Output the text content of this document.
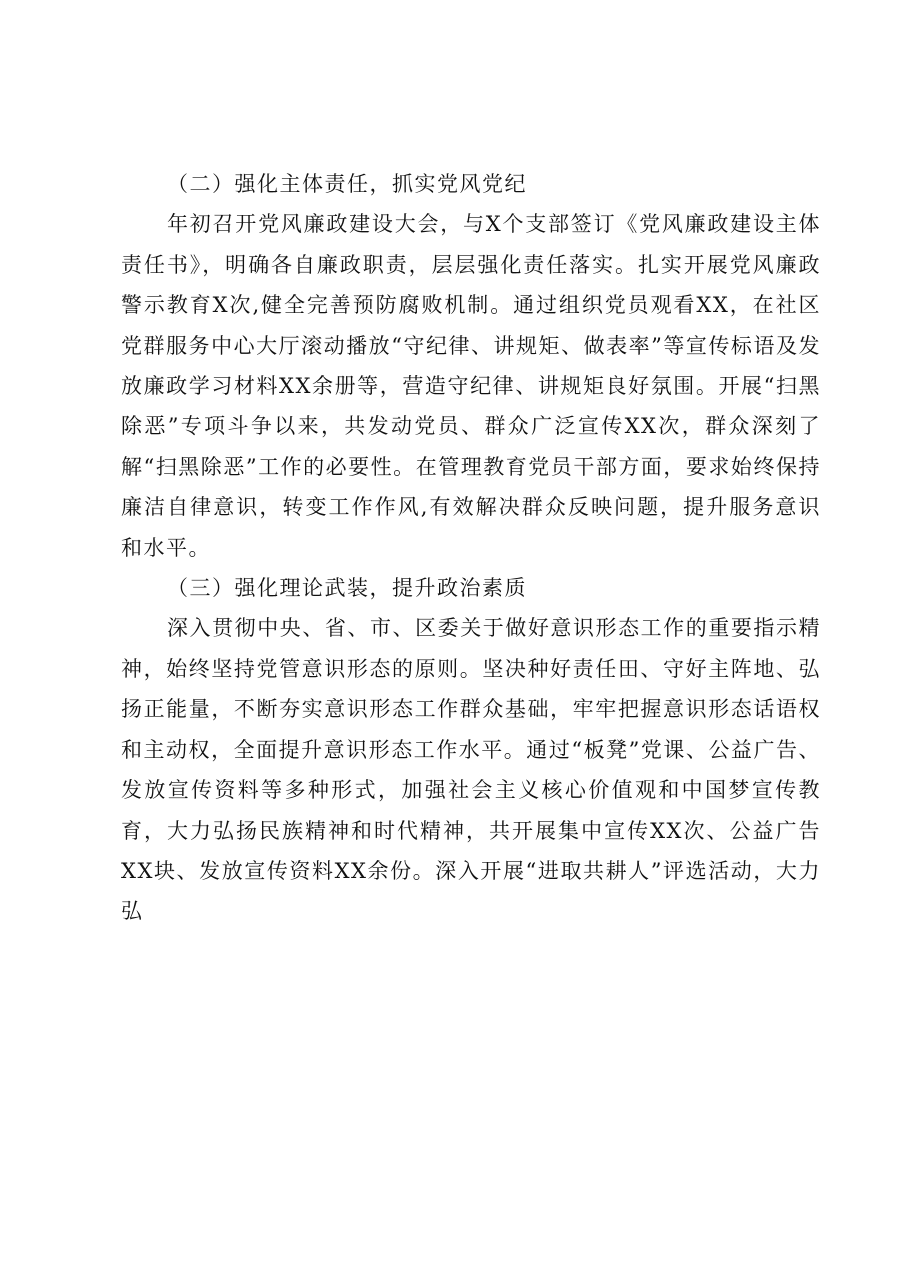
（二）强化主体责任，抓实党风党纪

年初召开党风廉政建设大会，与X个支部签订《党风廉政建设主体责任书》，明确各自廉政职责，层层强化责任落实。扎实开展党风廉政警示教育X次,健全完善预防腐败机制。通过组织党员观看XX，在社区党群服务中心大厅滚动播放“守纪律、讲规矩、做表率”等宣传标语及发放廉政学习材料XX余册等，营造守纪律、讲规矩良好氛围。开展“扫黑除恶”专项斗争以来，共发动党员、群众广泛宣传XX次，群众深刻了解“扫黑除恶”工作的必要性。在管理教育党员干部方面，要求始终保持廉洁自律意识，转变工作作风,有效解决群众反映问题，提升服务意识和水平。

（三）强化理论武装，提升政治素质

深入贯彻中央、省、市、区委关于做好意识形态工作的重要指示精神，始终坚持党管意识形态的原则。坚决种好责任田、守好主阵地、弘扬正能量，不断夯实意识形态工作群众基础，牢牢把握意识形态话语权和主动权，全面提升意识形态工作水平。通过“板凳”党课、公益广告、发放宣传资料等多种形式，加强社会主义核心价值观和中国梦宣传教育，大力弘扬民族精神和时代精神，共开展集中宣传XX次、公益广告XX块、发放宣传资料XX余份。深入开展“进取共耕人”评选活动，大力弘
